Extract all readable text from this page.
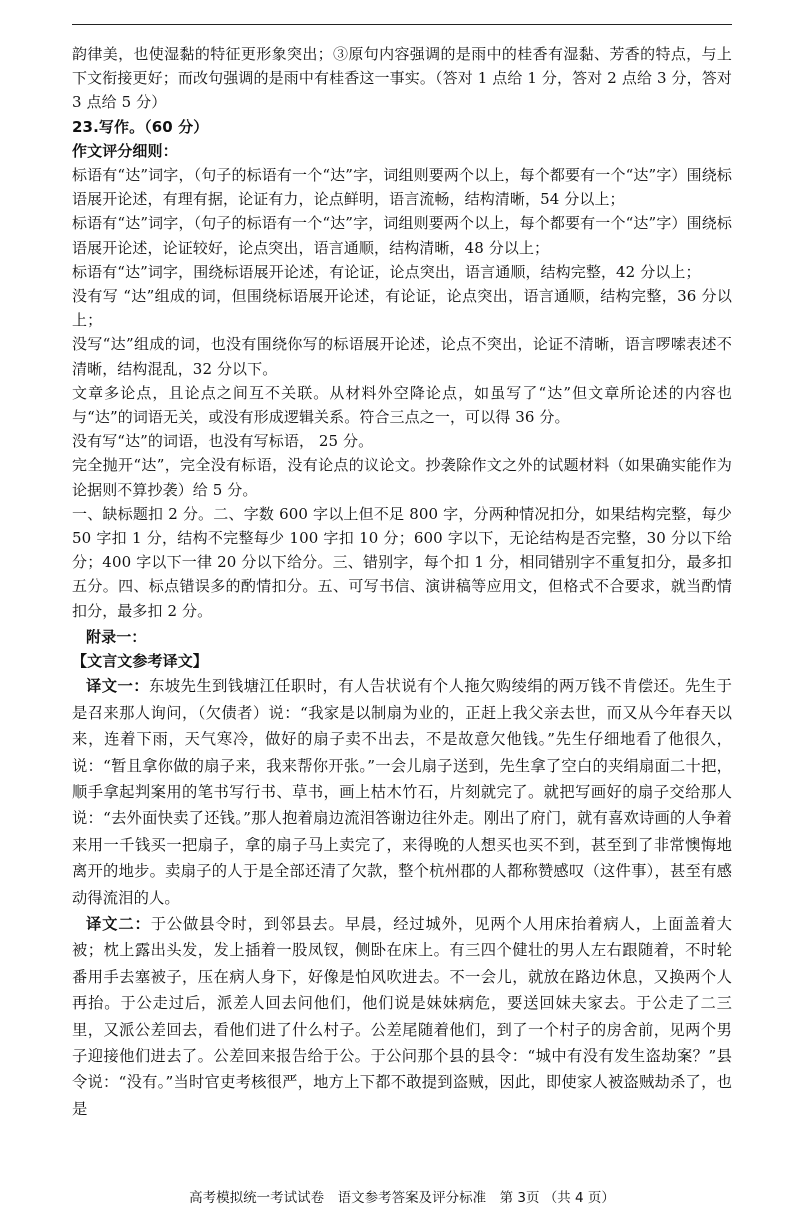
韵律美，也使湿黏的特征更形象突出；③原句内容强调的是雨中的桂香有湿黏、芳香的特点，与上下文衔接更好；而改句强调的是雨中有桂香这一事实。（答对 1 点给 1 分，答对 2 点给 3 分，答对 3 点给 5 分）

23.写作。（60 分）

作文评分细则：

标语有“达”词字，（句子的标语有一个“达”字，词组则要两个以上，每个都要有一个“达”字）围绕标语展开论述，有理有据，论证有力，论点鲜明，语言流畅，结构清晰，54 分以上；

标语有“达”词字，（句子的标语有一个“达”字，词组则要两个以上，每个都要有一个“达”字）围绕标语展开论述，论证较好，论点突出，语言通顺，结构清晰，48 分以上；

标语有“达”词字，围绕标语展开论述，有论证，论点突出，语言通顺，结构完整，42 分以上；

没有写 “达”组成的词，但围绕标语展开论述，有论证，论点突出，语言通顺，结构完整，36 分以上；

没写“达”组成的词，也没有围绕你写的标语展开论述，论点不突出，论证不清晰，语言啰嗦表述不清晰，结构混乱，32 分以下。

文章多论点，且论点之间互不关联。从材料外空降论点，如虽写了“达”但文章所论述的内容也与“达”的词语无关，或没有形成逻辑关系。符合三点之一，可以得 36 分。

没有写“达”的词语，也没有写标语， 25 分。

完全抛开“达”，完全没有标语，没有论点的议论文。抄袭除作文之外的试题材料（如果确实能作为论据则不算抄袭）给 5 分。

一、缺标题扣 2 分。二、字数 600 字以上但不足 800 字，分两种情况扣分，如果结构完整，每少 50 字扣 1 分，结构不完整每少 100 字扣 10 分；600 字以下，无论结构是否完整，30 分以下给分；400 字以下一律 20 分以下给分。三、错别字，每个扣 1 分，相同错别字不重复扣分，最多扣五分。四、标点错误多的酌情扣分。五、可写书信、演讲稿等应用文，但格式不合要求，就当酌情扣分，最多扣 2 分。

附录一：

【文言文参考译文】

译文一：东坡先生到钱塘江任职时，有人告状说有个人拖欠购绫绢的两万钱不肯偿还。先生于是召来那人询问，（欠债者）说：“我家是以制扇为业的，正赶上我父亲去世，而又从今年春天以来，连着下雨，天气寒冷，做好的扇子卖不出去，不是故意欠他钱。”先生仔细地看了他很久，说：“暂且拿你做的扇子来，我来帮你开张。”一会儿扇子送到，先生拿了空白的夹绢扇面二十把，顺手拿起判案用的笔书写行书、草书，画上枯木竹石，片刻就完了。就把写画好的扇子交给那人说：“去外面快卖了还钱。”那人抱着扇边流泪答谢边往外走。刚出了府门，就有喜欢诗画的人争着来用一千钱买一把扇子，拿的扇子马上卖完了，来得晚的人想买也买不到，甚至到了非常懊悔地离开的地步。卖扇子的人于是全部还清了欠款，整个杭州郡的人都称赞感叹（这件事），甚至有感动得流泪的人。

译文二：于公做县令时，到邻县去。早晨，经过城外，见两个人用床抬着病人，上面盖着大被；枕上露出头发，发上插着一股凤钗，侧卧在床上。有三四个健壮的男人左右跟随着，不时轮番用手去塞被子，压在病人身下，好像是怕风吹进去。不一会儿，就放在路边休息，又换两个人再抬。于公走过后，派差人回去问他们，他们说是妹妹病危，要送回妹夫家去。于公走了二三里，又派公差回去，看他们进了什么村子。公差尾随着他们，到了一个村子的房舍前，见两个男子迎接他们进去了。公差回来报告给于公。于公问那个县的县令：“城中有没有发生盗劫案？”县令说：“没有。”当时官吏考核很严，地方上下都不敢提到盗贼，因此，即使家人被盗贼劫杀了，也是

高考模拟统一考试试卷　语文参考答案及评分标准　第 3页 （共 4 页）
